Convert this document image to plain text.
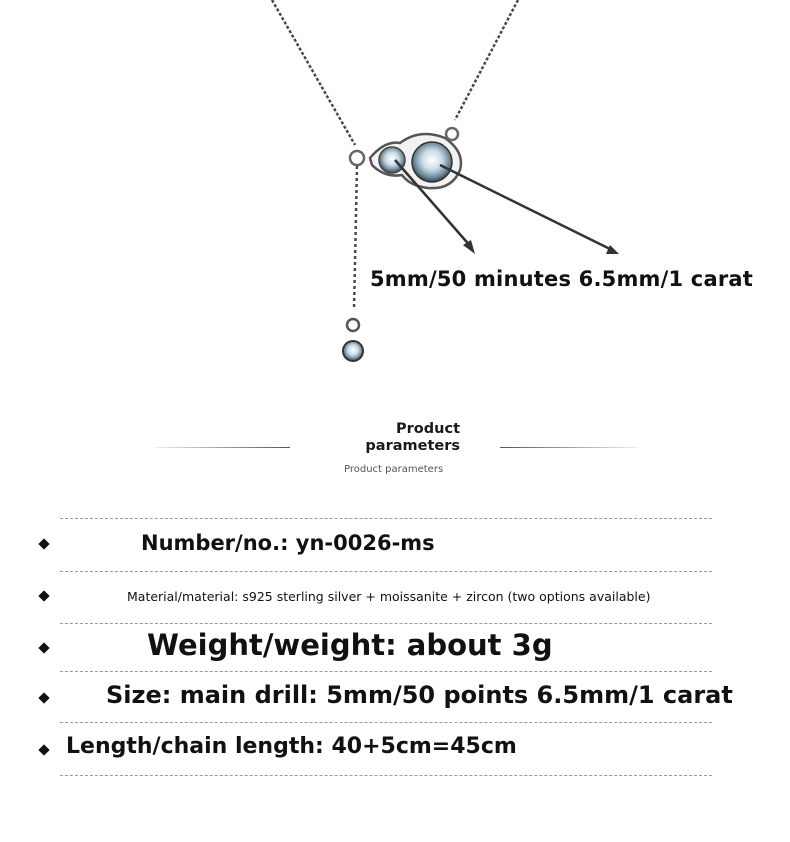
5mm/50 minutes 6.5mm/1 carat
Product
parameters
Product parameters
Number/no.: yn-0026-ms
Material/material: s925 sterling silver + moissanite + zircon (two options available)
Weight/weight: about 3g
Size: main drill: 5mm/50 points 6.5mm/1 carat
Length/chain length: 40+5cm=45cm
